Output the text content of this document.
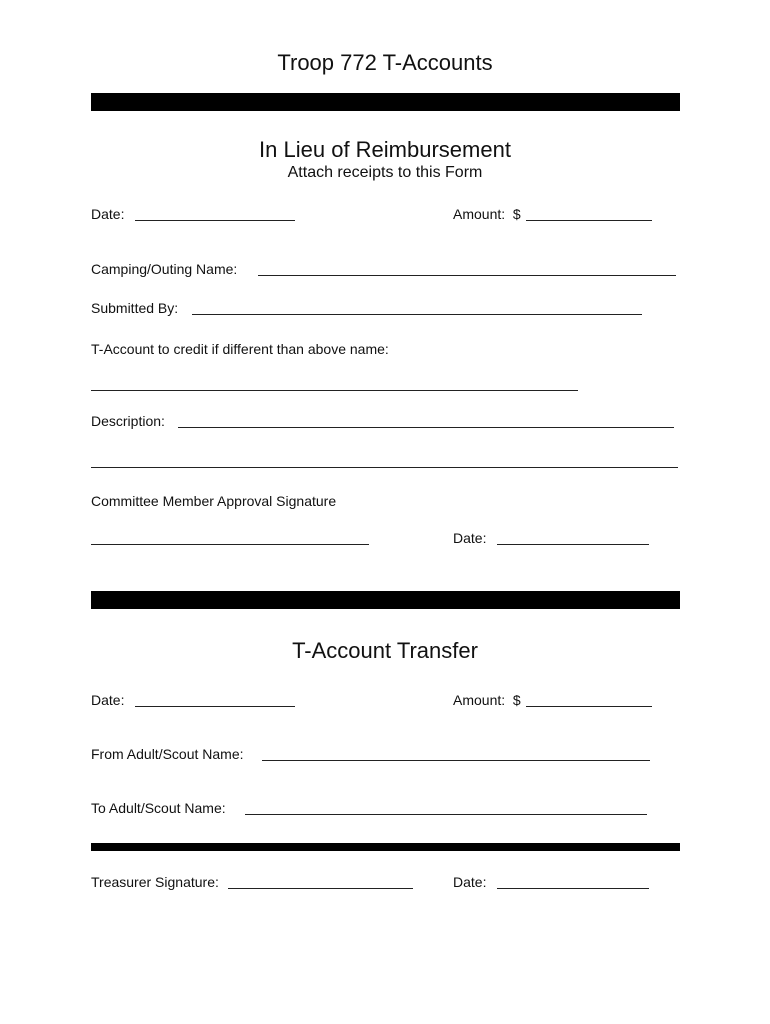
Troop 772 T-Accounts
In Lieu of Reimbursement
Attach receipts to this Form
Date:	Amount:  $
Camping/Outing Name:
Submitted By:
T-Account to credit if different than above name:
Description:
Committee Member Approval Signature
Date:
T-Account Transfer
Date:	Amount:  $
From Adult/Scout Name:
To Adult/Scout Name:
Treasurer Signature:	Date:
